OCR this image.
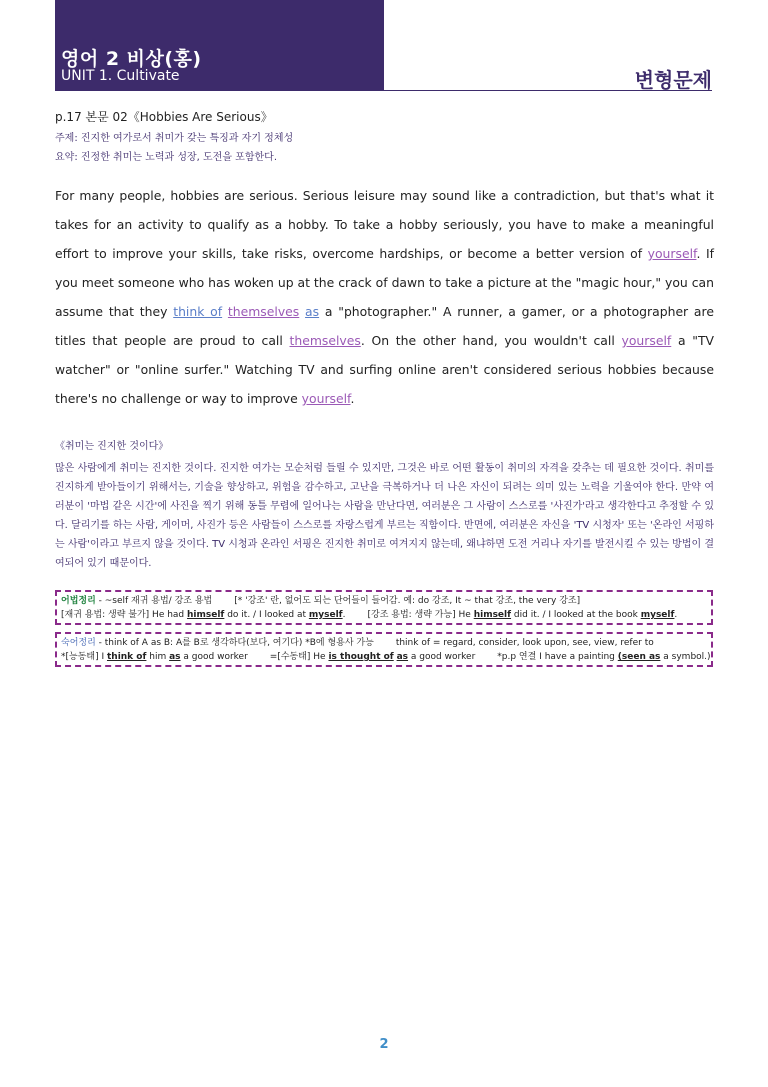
영어 2 비상(홍)
UNIT 1. Cultivate	변형문제
p.17 본문 02《Hobbies Are Serious》
주제: 진지한 여가로서 취미가 갖는 특징과 자기 정체성
요약: 진정한 취미는 노력과 성장, 도전을 포함한다.
For many people, hobbies are serious. Serious leisure may sound like a contradiction, but that's what it takes for an activity to qualify as a hobby. To take a hobby seriously, you have to make a meaningful effort to improve your skills, take risks, overcome hardships, or become a better version of yourself. If you meet someone who has woken up at the crack of dawn to take a picture at the "magic hour," you can assume that they think of themselves as a "photographer." A runner, a gamer, or a photographer are titles that people are proud to call themselves. On the other hand, you wouldn't call yourself a "TV watcher" or "online surfer." Watching TV and surfing online aren't considered serious hobbies because there's no challenge or way to improve yourself.
《취미는 진지한 것이다》
많은 사람에게 취미는 진지한 것이다. 진지한 여가는 모순처럼 들릴 수 있지만, 그것은 바로 어떤 활동이 취미의 자격을 갖추는 데 필요한 것이다. 취미를 진지하게 받아들이기 위해서는, 기술을 향상하고, 위험을 감수하고, 고난을 극복하거나 더 나은 자신이 되려는 의미 있는 노력을 기울여야 한다. 만약 여러분이 '마법 같은 시간'에 사진을 찍기 위해 동틀 무렵에 일어나는 사람을 만난다면, 여러분은 그 사람이 스스로를 '사진가'라고 생각한다고 추정할 수 있다. 달리기를 하는 사람, 게이머, 사진가 등은 사람들이 스스로를 자랑스럽게 부르는 직함이다. 반면에, 여러분은 자신을 'TV 시청자' 또는 '온라인 서핑하는 사람'이라고 부르지 않을 것이다. TV 시청과 온라인 서핑은 진지한 취미로 여겨지지 않는데, 왜냐하면 도전 거리나 자기를 발전시킬 수 있는 방법이 결여되어 있기 때문이다.
어법정리 - ~self 재귀 용법/ 강조 용법 [* '강조' 란, 없어도 되는 단어들이 들어감. 예: do 강조, It ~ that 강조, the very 강조]
[재귀 용법: 생략 불가] He had himself do it. / I looked at myself. [강조 용법: 생략 가능] He himself did it. / I looked at the book myself.
숙어정리 - think of A as B: A를 B로 생각하다(보다, 여기다) *B에 형용사 가능 think of = regard, consider, look upon, see, view, refer to
*[능동태] I think of him as a good worker =[수동태] He is thought of as a good worker *p.p 연결 I have a painting (seen as a symbol.)
2
